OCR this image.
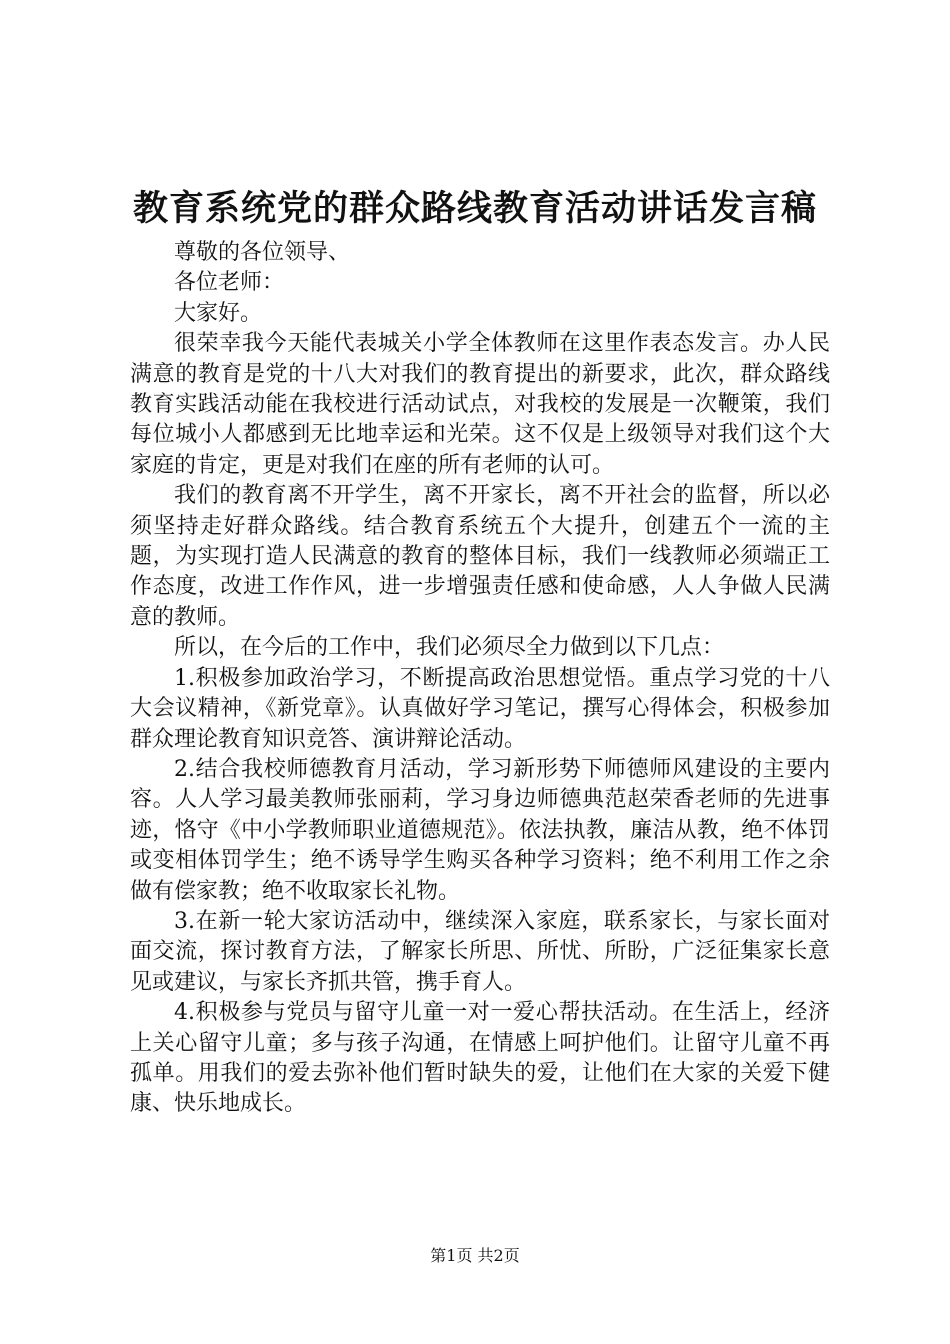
教育系统党的群众路线教育活动讲话发言稿

尊敬的各位领导、

各位老师：

大家好。

很荣幸我今天能代表城关小学全体教师在这里作表态发言。办人民满意的教育是党的十八大对我们的教育提出的新要求，此次，群众路线教育实践活动能在我校进行活动试点，对我校的发展是一次鞭策，我们每位城小人都感到无比地幸运和光荣。这不仅是上级领导对我们这个大家庭的肯定，更是对我们在座的所有老师的认可。

我们的教育离不开学生，离不开家长，离不开社会的监督，所以必须坚持走好群众路线。结合教育系统五个大提升，创建五个一流的主题，为实现打造人民满意的教育的整体目标，我们一线教师必须端正工作态度，改进工作作风，进一步增强责任感和使命感，人人争做人民满意的教师。

所以，在今后的工作中，我们必须尽全力做到以下几点：

1.积极参加政治学习，不断提高政治思想觉悟。重点学习党的十八大会议精神，《新党章》。认真做好学习笔记，撰写心得体会，积极参加群众理论教育知识竞答、演讲辩论活动。

2.结合我校师德教育月活动，学习新形势下师德师风建设的主要内容。人人学习最美教师张丽莉，学习身边师德典范赵荣香老师的先进事迹，恪守《中小学教师职业道德规范》。依法执教，廉洁从教，绝不体罚或变相体罚学生；绝不诱导学生购买各种学习资料；绝不利用工作之余做有偿家教；绝不收取家长礼物。

3.在新一轮大家访活动中，继续深入家庭，联系家长，与家长面对面交流，探讨教育方法，了解家长所思、所忧、所盼，广泛征集家长意见或建议，与家长齐抓共管，携手育人。

4.积极参与党员与留守儿童一对一爱心帮扶活动。在生活上，经济上关心留守儿童；多与孩子沟通，在情感上呵护他们。让留守儿童不再孤单。用我们的爱去弥补他们暂时缺失的爱，让他们在大家的关爱下健康、快乐地成长。

第1页 共2页
